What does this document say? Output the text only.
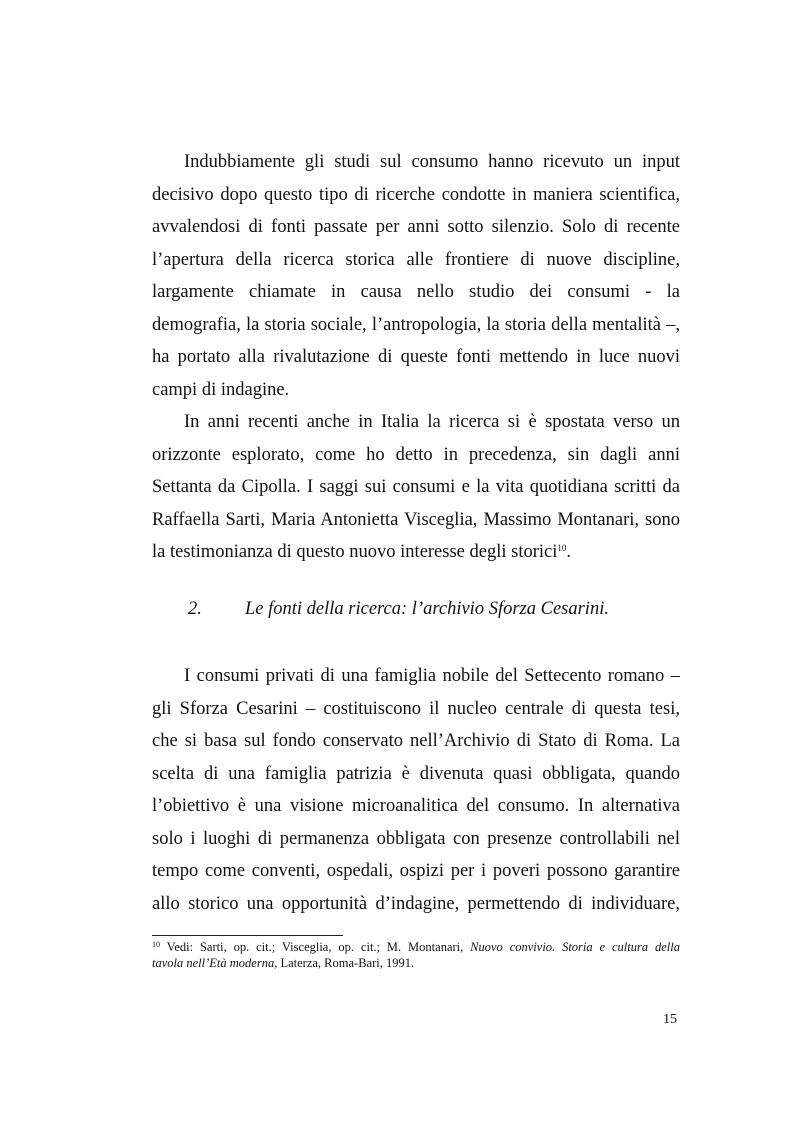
Indubbiamente gli studi sul consumo hanno ricevuto un input
decisivo dopo questo tipo di ricerche condotte in maniera scientifica,
avvalendosi di fonti passate per anni sotto silenzio. Solo di recente
l’apertura della ricerca storica alle frontiere di nuove discipline,
largamente chiamate in causa nello studio dei consumi - la
demografia, la storia sociale, l’antropologia, la storia della mentalità –,
ha portato alla rivalutazione di queste fonti mettendo in luce nuovi
campi di indagine.
In anni recenti anche in Italia la ricerca si è spostata verso un
orizzonte esplorato, come ho detto in precedenza, sin dagli anni
Settanta da Cipolla. I saggi sui consumi e la vita quotidiana scritti da
Raffaella Sarti, Maria Antonietta Visceglia, Massimo Montanari, sono
la testimonianza di questo nuovo interesse degli storici$^{10}$.
2. Le fonti della ricerca: l’archivio Sforza Cesarini.
I consumi privati di una famiglia nobile del Settecento romano –
gli Sforza Cesarini – costituiscono il nucleo centrale di questa tesi,
che si basa sul fondo conservato nell’Archivio di Stato di Roma. La
scelta di una famiglia patrizia è divenuta quasi obbligata, quando
l’obiettivo è una visione microanalitica del consumo. In alternativa
solo i luoghi di permanenza obbligata con presenze controllabili nel
tempo come conventi, ospedali, ospizi per i poveri possono garantire
allo storico una opportunità d’indagine, permettendo di individuare,
$^{10}$ Vedi: Sarti, op. cit.; Visceglia, op. cit.; M. Montanari, Nuovo convivio. Storia e cultura della
tavola nell’Età moderna, Laterza, Roma-Bari, 1991.
15
